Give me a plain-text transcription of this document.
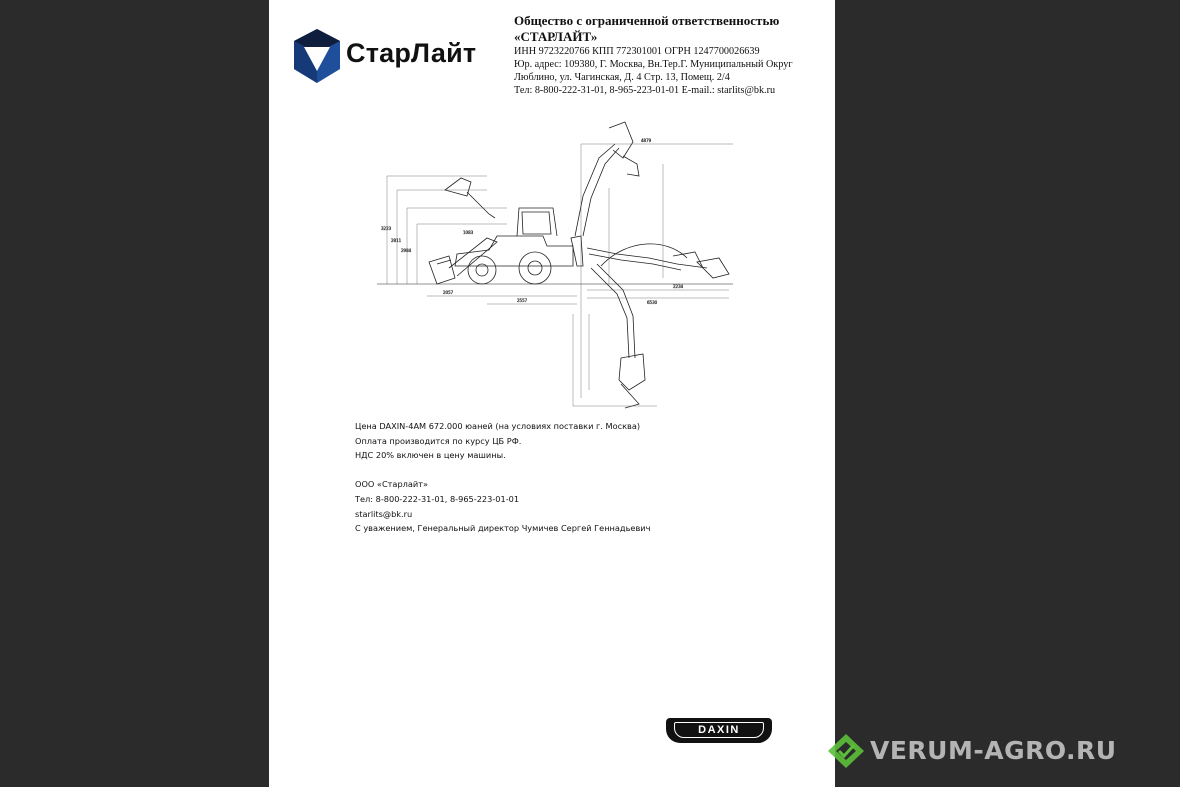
СтарЛайт
Общество с ограниченной ответственностью
«СТАРЛАЙТ»
ИНН 9723220766 КПП 772301001 ОГРН 1247700026639
Юр. адрес: 109380, Г. Москва, Вн.Тер.Г. Муниципальный Округ
Люблино, ул. Чагинская, Д. 4 Стр. 13, Помещ. 2/4
Тел: 8-800-222-31-01, 8-965-223-01-01 E-mail.: starlits@bk.ru
4879
3223
2811
2984
2057
1083
2557
2234
6530
Цена DAXIN-4AM 672.000 юаней (на условиях поставки г. Москва)
Оплата производится по курсу ЦБ РФ.
НДС 20% включен в цену машины.
ООО «Старлайт»
Тел: 8-800-222-31-01, 8-965-223-01-01
starlits@bk.ru
С уважением, Генеральный директор Чумичев Сергей Геннадьевич
DAXIN
VERUM-AGRO.RU
